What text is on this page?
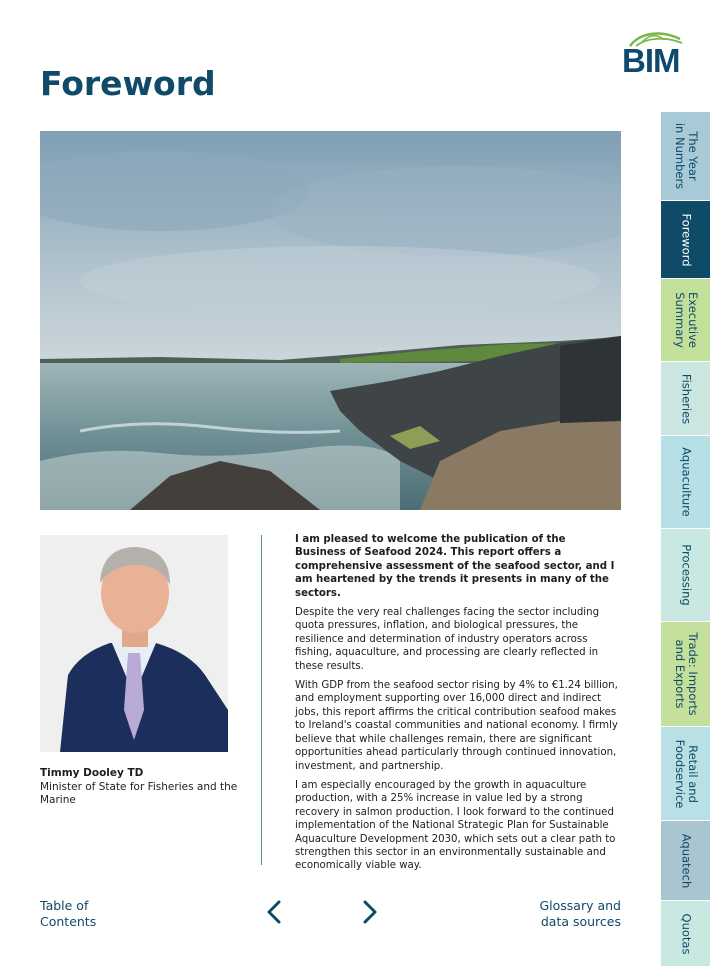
BIM
Foreword
Timmy Dooley TD
Minister of State for Fisheries and the Marine

I am pleased to welcome the publication of the Business of Seafood 2024. This report offers a comprehensive assessment of the seafood sector, and I am heartened by the trends it presents in many of the sectors.

Despite the very real challenges facing the sector including quota pressures, inflation, and biological pressures, the resilience and determination of industry operators across fishing, aquaculture, and processing are clearly reflected in these results.

With GDP from the seafood sector rising by 4% to €1.24 billion, and employment supporting over 16,000 direct and indirect jobs, this report affirms the critical contribution seafood makes to Ireland's coastal communities and national economy. I firmly believe that while challenges remain, there are significant opportunities ahead particularly through continued innovation, investment, and partnership.

I am especially encouraged by the growth in aquaculture production, with a 25% increase in value led by a strong recovery in salmon production. I look forward to the continued implementation of the National Strategic Plan for Sustainable Aquaculture Development 2030, which sets out a clear path to strengthen this sector in an environmentally sustainable and economically viable way.

Table of
Contents
Glossary and
data sources
The Year
in Numbers
Foreword
Executive
Summary
Fisheries
Aquaculture
Processing
Trade: Imports
and Exports
Retail and
Foodservice
Aquatech
Quotas
